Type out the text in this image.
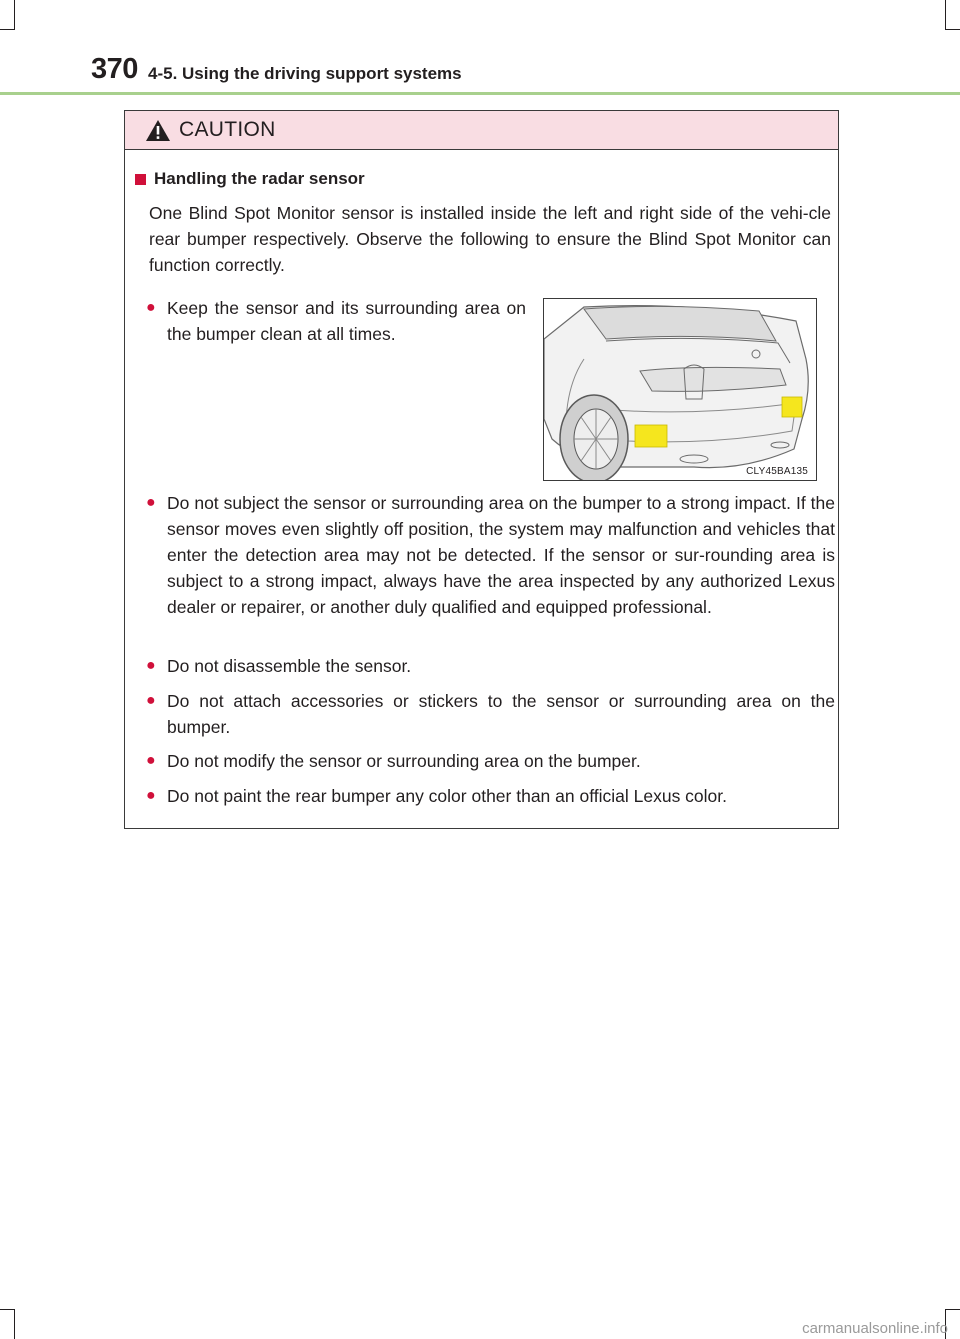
370 4-5. Using the driving support systems
CAUTION
Handling the radar sensor

One Blind Spot Monitor sensor is installed inside the left and right side of the vehi-cle rear bumper respectively. Observe the following to ensure the Blind Spot Monitor can function correctly.

● Keep the sensor and its surrounding area on the bumper clean at all times.
CLY45BA135
● Do not subject the sensor or surrounding area on the bumper to a strong impact. If the sensor moves even slightly off position, the system may malfunction and vehicles that enter the detection area may not be detected. If the sensor or sur-rounding area is subject to a strong impact, always have the area inspected by any authorized Lexus dealer or repairer, or another duly qualified and equipped professional.
● Do not disassemble the sensor.
● Do not attach accessories or stickers to the sensor or surrounding area on the bumper.
● Do not modify the sensor or surrounding area on the bumper.
● Do not paint the rear bumper any color other than an official Lexus color.
carmanualsonline.info
